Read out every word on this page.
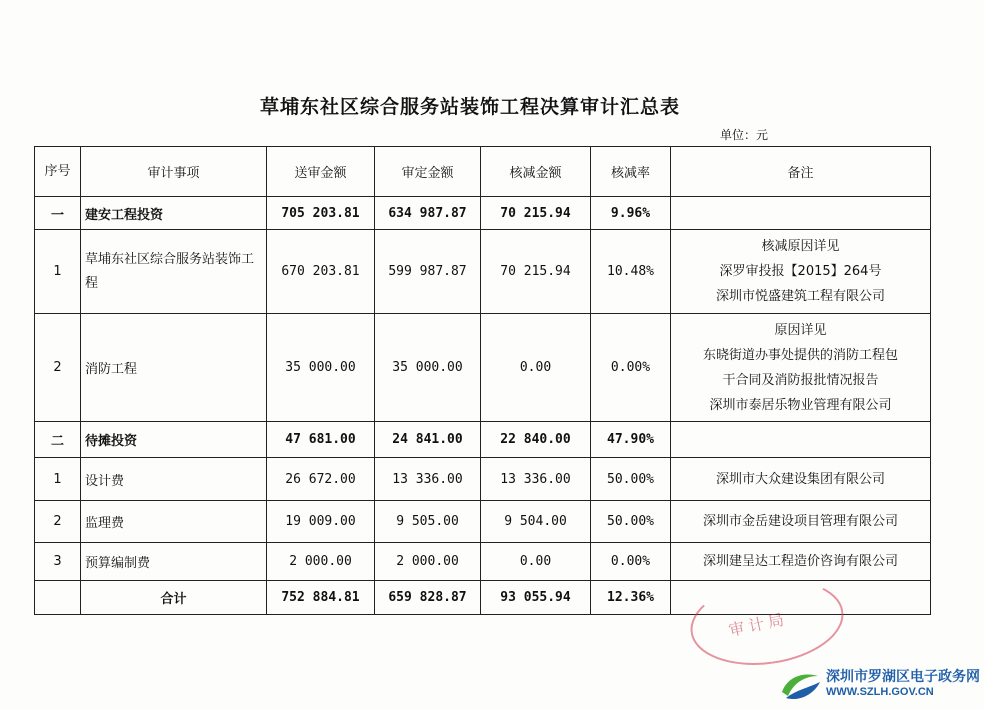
草埔东社区综合服务站装饰工程决算审计汇总表
单位：元
序号	审计事项	送审金额	审定金额	核减金额	核减率	备注
一	建安工程投资	705 203.81	634 987.87	70 215.94	9.96%	
1	草埔东社区综合服务站装饰工程	670 203.81	599 987.87	70 215.94	10.48%	核减原因详见
深罗审投报【2015】264号
深圳市悦盛建筑工程有限公司

2	消防工程	35 000.00	35 000.00	0.00	0.00%	原因详见
东晓街道办事处提供的消防工程包
干合同及消防报批情况报告
深圳市泰居乐物业管理有限公司

二	待摊投资	47 681.00	24 841.00	22 840.00	47.90%	
1	设计费	26 672.00	13 336.00	13 336.00	50.00%	深圳市大众建设集团有限公司

2	监理费	19 009.00	9 505.00	9 504.00	50.00%	深圳市金岳建设项目管理有限公司

3	预算编制费	2 000.00	2 000.00	0.00	0.00%	深圳建呈达工程造价咨询有限公司

	合计	752 884.81	659 828.87	93 055.94	12.36%	
审计局
深圳市罗湖区电子政务网
WWW.SZLH.GOV.CN
